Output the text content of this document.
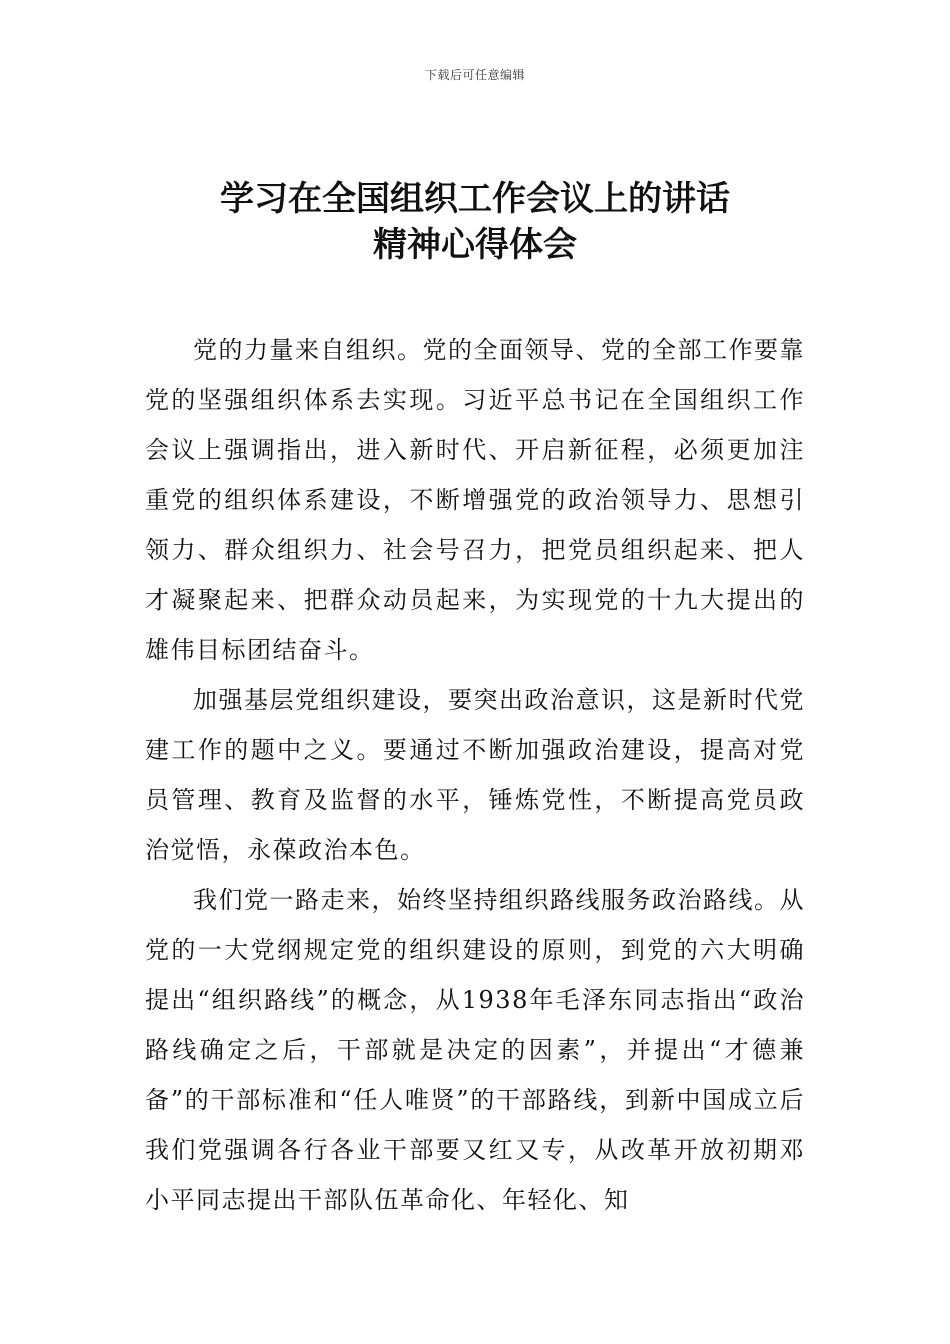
下载后可任意编辑
学习在全国组织工作会议上的讲话
精神心得体会

党的力量来自组织。党的全面领导、党的全部工作要靠党的坚强组织体系去实现。习近平总书记在全国组织工作会议上强调指出，进入新时代、开启新征程，必须更加注重党的组织体系建设，不断增强党的政治领导力、思想引领力、群众组织力、社会号召力，把党员组织起来、把人才凝聚起来、把群众动员起来，为实现党的十九大提出的雄伟目标团结奋斗。

加强基层党组织建设，要突出政治意识，这是新时代党建工作的题中之义。要通过不断加强政治建设，提高对党员管理、教育及监督的水平，锤炼党性，不断提高党员政治觉悟，永葆政治本色。

我们党一路走来，始终坚持组织路线服务政治路线。从党的一大党纲规定党的组织建设的原则，到党的六大明确提出“组织路线”的概念，从1938年毛泽东同志指出“政治路线确定之后，干部就是决定的因素”，并提出“才德兼备”的干部标准和“任人唯贤”的干部路线，到新中国成立后我们党强调各行各业干部要又红又专，从改革开放初期邓小平同志提出干部队伍革命化、年轻化、知
